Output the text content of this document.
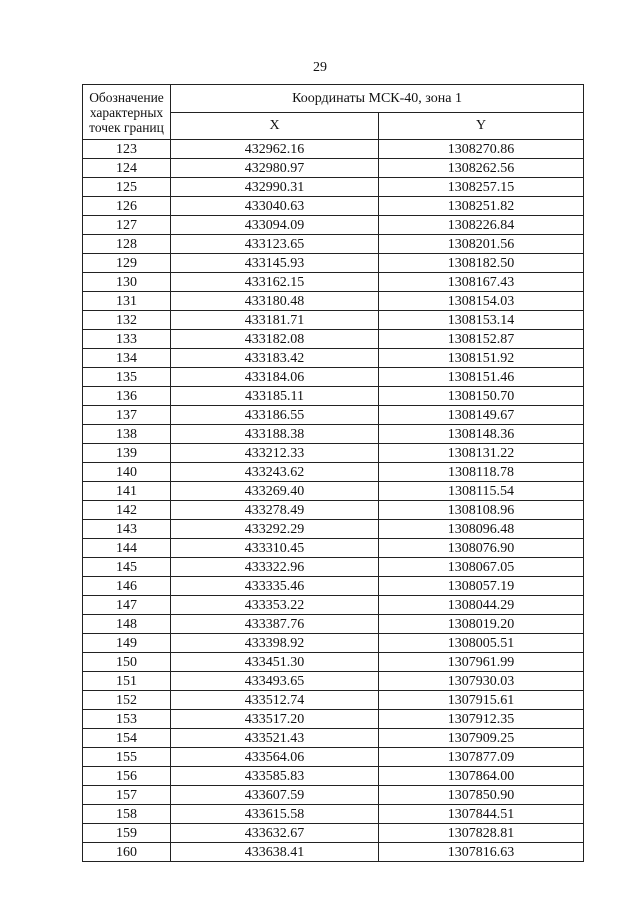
29
Обозначение характерных точек границ	Координаты МСК-40, зона 1	
	X	Y
123	432962.16	1308270.86
124	432980.97	1308262.56
125	432990.31	1308257.15
126	433040.63	1308251.82
127	433094.09	1308226.84
128	433123.65	1308201.56
129	433145.93	1308182.50
130	433162.15	1308167.43
131	433180.48	1308154.03
132	433181.71	1308153.14
133	433182.08	1308152.87
134	433183.42	1308151.92
135	433184.06	1308151.46
136	433185.11	1308150.70
137	433186.55	1308149.67
138	433188.38	1308148.36
139	433212.33	1308131.22
140	433243.62	1308118.78
141	433269.40	1308115.54
142	433278.49	1308108.96
143	433292.29	1308096.48
144	433310.45	1308076.90
145	433322.96	1308067.05
146	433335.46	1308057.19
147	433353.22	1308044.29
148	433387.76	1308019.20
149	433398.92	1308005.51
150	433451.30	1307961.99
151	433493.65	1307930.03
152	433512.74	1307915.61
153	433517.20	1307912.35
154	433521.43	1307909.25
155	433564.06	1307877.09
156	433585.83	1307864.00
157	433607.59	1307850.90
158	433615.58	1307844.51
159	433632.67	1307828.81
160	433638.41	1307816.63
